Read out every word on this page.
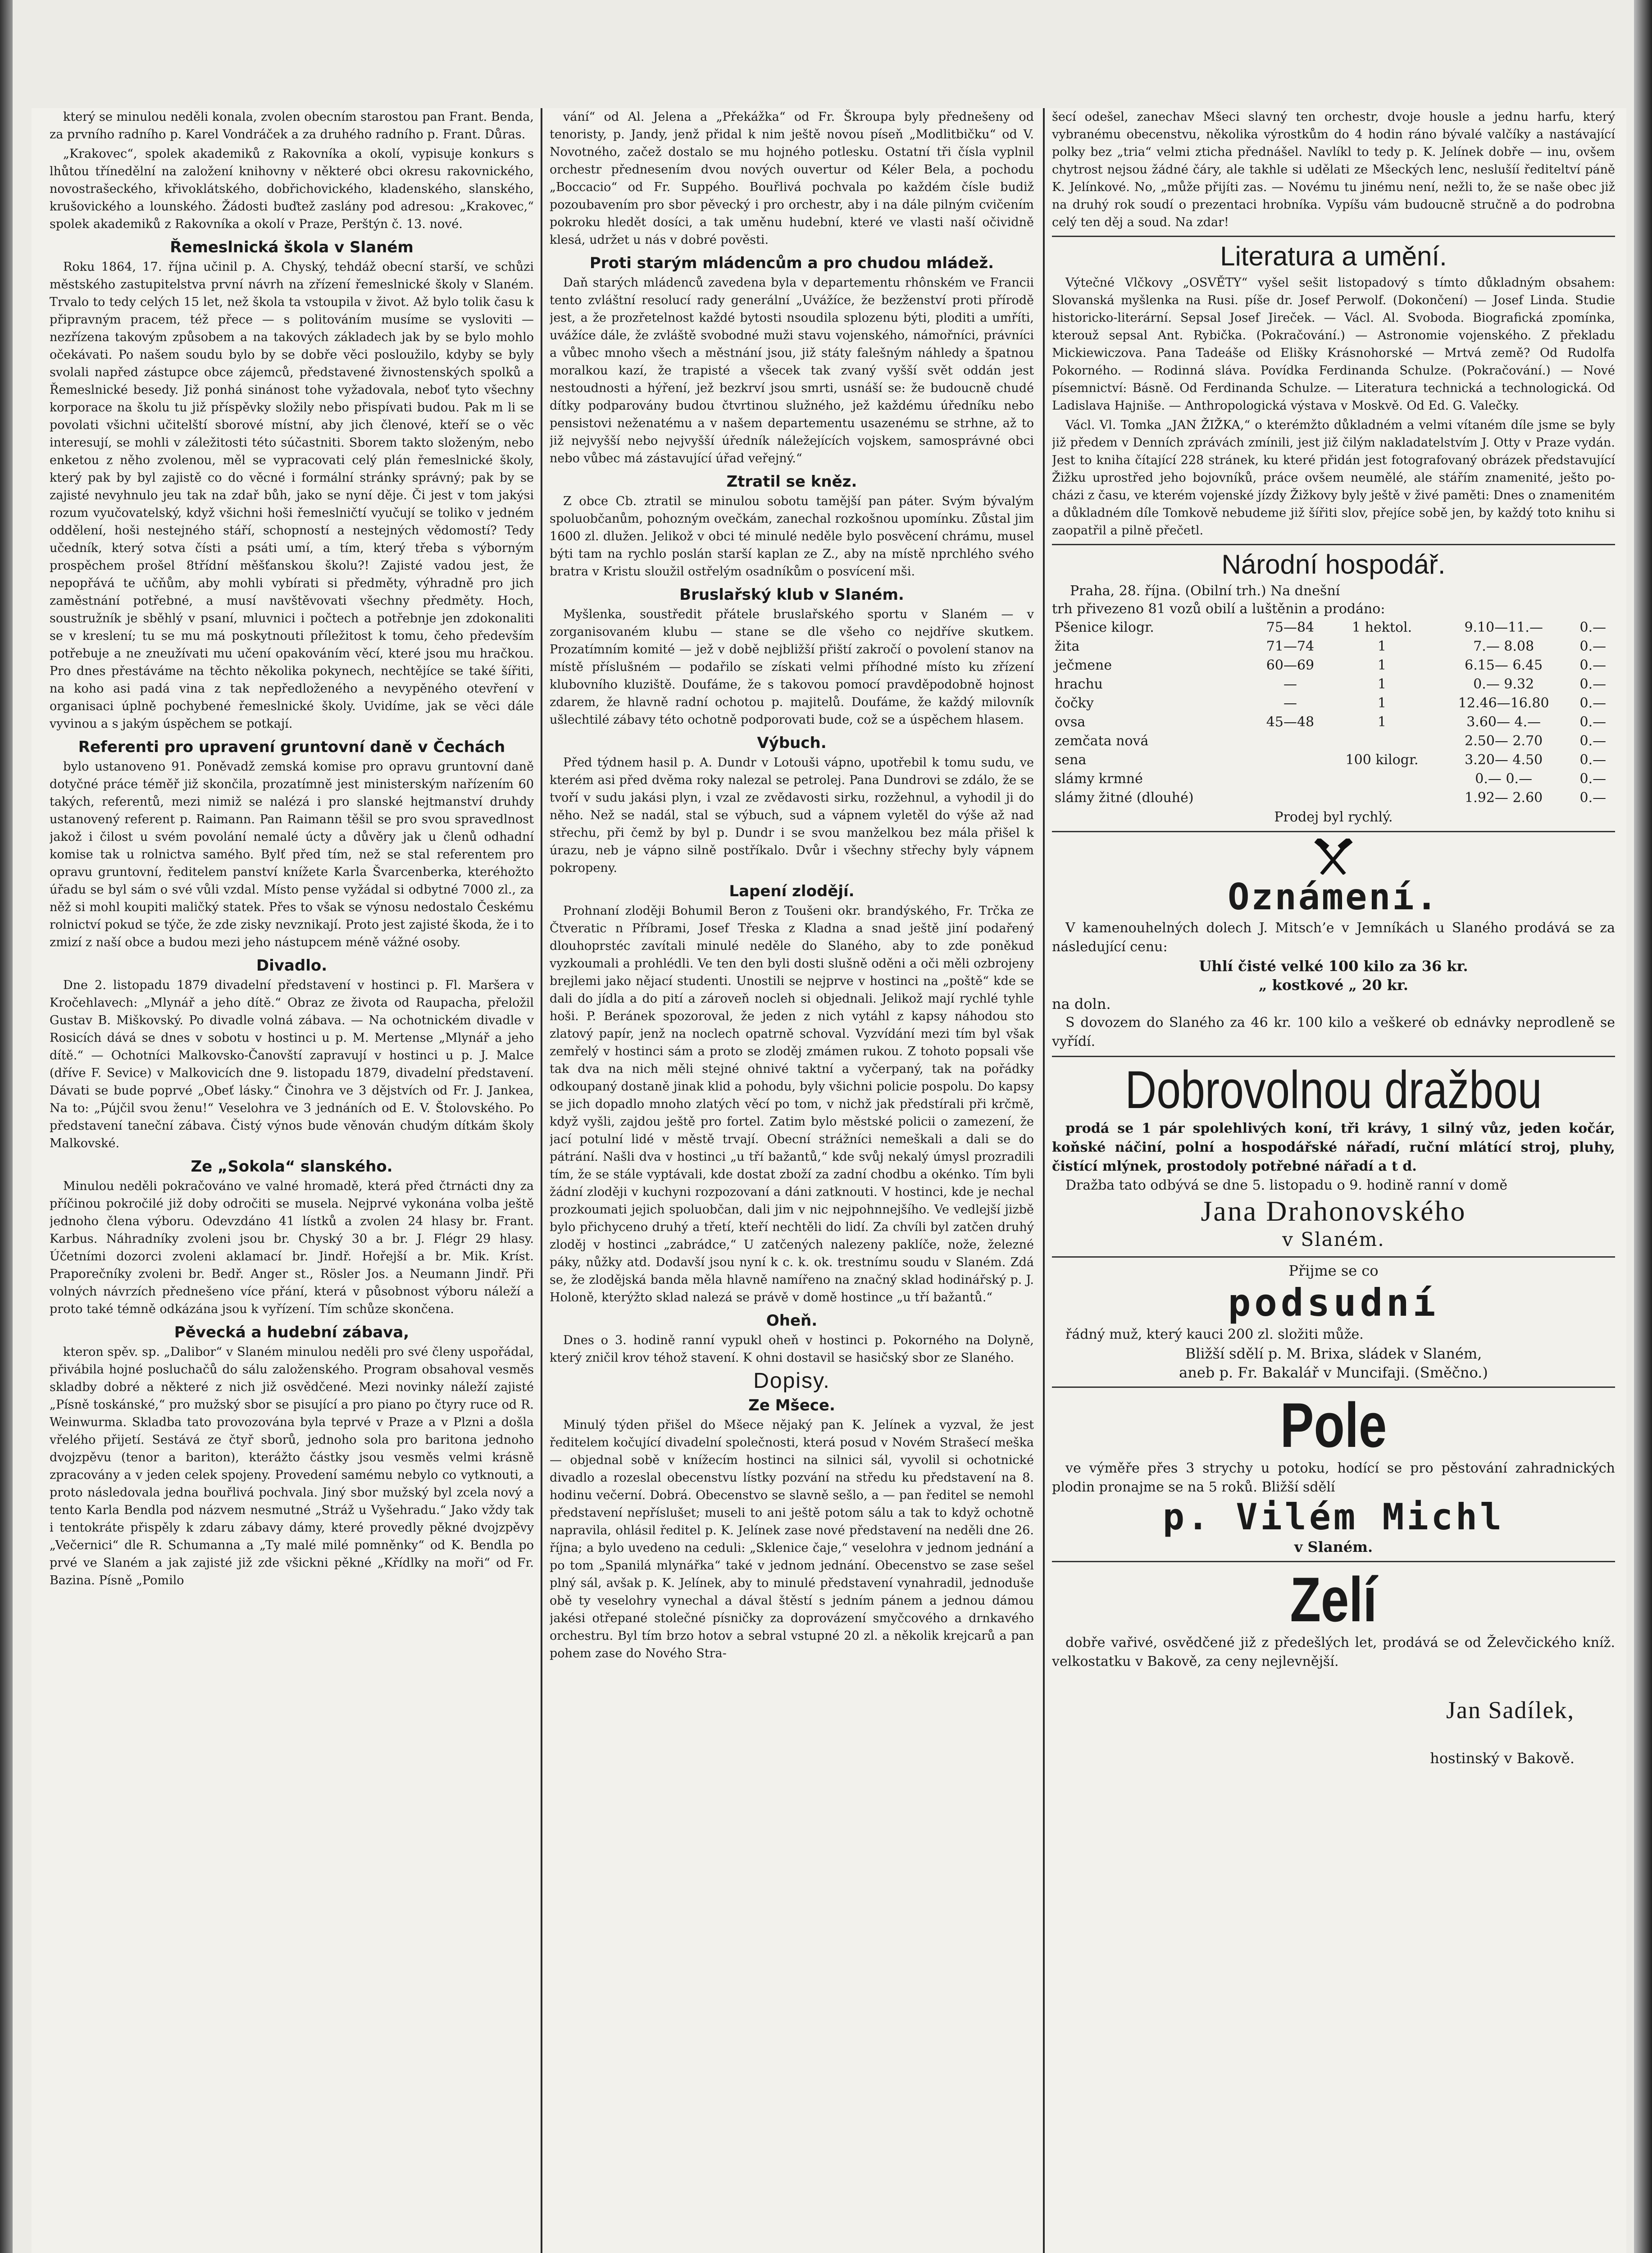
který se minulou neděli konala, zvolen obecním starostou pan Frant. Benda, za prvního radního p. Karel Vondráček a za druhého radního p. Frant. Důras.

„Krakovec“, spolek akademiků z Rakovníka a okolí, vypisuje konkurs s lhůtou třínedělní na založení knihovny v některé obci okresu rakovnického, novostrašeckého, křivoklátského, dobřichovického, kladenského, slanského, krušovického a lounského. Žádosti buďtež zaslány pod adresou: „Krakovec,“ spolek akademiků z Rakovníka a okolí v Praze, Perštýn č. 13. nové.

Řemeslnická škola v Slaném

Roku 1864, 17. října učinil p. A. Chyský, tehdáž obecní starší, ve schůzi městského zastupitelstva první návrh na zřízení řemeslnické školy v Slaném. Trvalo to tedy celých 15 let, než škola ta vstoupila v život. Až bylo tolik času k připravným pracem, též přece — s politováním musíme se vysloviti — nezřízena takovým způsobem a na takových základech jak by se bylo mohlo očekávati. Po našem soudu bylo by se dobře věci posloužilo, kdyby se byly svolali napřed zástupce obce zájemců, představené živnostenských spolků a Řemeslnické besedy. Již ponhá sinánost tohe vyžadovala, neboť tyto všechny korporace na školu tu již příspěvky složily nebo přispívati budou. Pak m li se povolati všichni učitelští sborové místní, aby jich členové, kteří se o věc interesují, se mohli v záležitosti této súčastniti. Sborem takto složeným, nebo enketou z něho zvolenou, měl se vypracovati celý plán řemeslnické školy, který pak by byl zajistě co do věcné i formální stránky správný; pak by se zajisté nevyhnulo jeu tak na zdař bůh, jako se nyní děje. Či jest v tom jakýsi rozum vyučovatelský, když všichni hoši řemeslničtí vyučují se toliko v jedném oddělení, hoši nestejného stáří, schopností a nestejných vědomostí? Tedy učedník, který sotva čísti a psáti umí, a tím, který třeba s výborným prospěchem prošel 8třídní měšťanskou školu?! Zajisté vadou jest, že nepopřává te učňům, aby mohli vybírati si předměty, výhradně pro jich zaměstnání potřebné, a musí navštěvovati všechny předměty. Hoch, soustružník je sběhlý v psaní, mluvnici i počtech a potřebnje jen zdokonaliti se v kreslení; tu se mu má poskytnouti příležitost k tomu, čeho především potřebuje a ne zneužívati mu učení opakováním věcí, které jsou mu hračkou. Pro dnes přestáváme na těchto několika pokynech, nechtějíce se také šířiti, na koho asi padá vina z tak nepředloženého a nevypěného otevření v organisaci úplně pochybené řemeslnické školy. Uvidíme, jak se věci dále vyvinou a s jakým úspěchem se potkají.

Referenti pro upravení gruntovní daně v Čechách

bylo ustanoveno 91. Poněvadž zemská komise pro opravu gruntovní daně dotyčné práce téměř již skončila, prozatímně jest ministerským nařízením 60 takých, referentů, mezi nimiž se nalézá i pro slanské hejtmanství druhdy ustanovený referent p. Raimann. Pan Raimann těšil se pro svou spravedlnost jakož i čilost u svém povolání nemalé úcty a důvěry jak u členů odhadní komise tak u rolnictva samého. Bylť před tím, než se stal referentem pro opravu gruntovní, ředitelem panství knížete Karla Švarcenberka, kteréhožto úřadu se byl sám o své vůli vzdal. Místo pense vyžádal si odbytné 7000 zl., za něž si mohl koupiti maličký statek. Přes to však se výnosu nedostalo Českému rolnictví pokud se týče, že zde zisky nevznikají. Proto jest zajisté škoda, že i to zmizí z naší obce a budou mezi jeho nástupcem méně vážné osoby.

Divadlo.

Dne 2. listopadu 1879 divadelní představení v hostinci p. Fl. Maršera v Kročehlavech: „Mlynář a jeho dítě.“ Obraz ze života od Raupacha, přeložil Gustav B. Miškovský. Po divadle volná zábava. — Na ochotnickém divadle v Rosicích dává se dnes v sobotu v hostinci u p. M. Mertense „Mlynář a jeho dítě.“ — Ochotníci Malkovsko-Čanovští zapravují v hostinci u p. J. Malce (dříve F. Sevice) v Malkovicích dne 9. listopadu 1879, divadelní představení. Dávati se bude poprvé „Obeť lásky.“ Činohra ve 3 dějstvích od Fr. J. Jankea, Na to: „Pújčil svou ženu!“ Veselohra ve 3 jednáních od E. V. Štolovského. Po představení taneční zábava. Čistý výnos bude věnován chudým dítkám školy Malkovské.

Ze „Sokola“ slanského.

Minulou neděli pokračováno ve valné hromadě, která před čtrnácti dny za příčinou pokročilé již doby odročiti se musela. Nejprvé vykonána volba ještě jednoho člena výboru. Odevzdáno 41 lístků a zvolen 24 hlasy br. Frant. Karbus. Náhradníky zvoleni jsou br. Chyský 30 a br. J. Flégr 29 hlasy. Účetními dozorci zvoleni aklamací br. Jindř. Hořejší a br. Mik. Kríst. Praporečníky zvoleni br. Bedř. Anger st., Rösler Jos. a Neumann Jindř. Při volných návrzích přednešeno více přání, která v působnost výboru náleží a proto také témně odkázána jsou k vyřízení. Tím schůze skončena.

Pěvecká a hudební zábava,

kteron spěv. sp. „Dalibor“ v Slaném minulou neděli pro své členy uspořádal, přivábila hojné posluchačů do sálu založenského. Program obsahoval vesměs skladby dobré a některé z nich již osvědčené. Mezi novinky náleží zajisté „Písně toskánské,“ pro mužský sbor se pisující a pro piano po čtyry ruce od R. Weinwurma. Skladba tato provozována byla teprvé v Praze a v Plzni a došla vřelého přijetí. Sestává ze čtyř sborů, jednoho sola pro baritona jednoho dvojzpěvu (tenor a bariton), kterážto částky jsou vesměs velmi krásně zpracovány a v jeden celek spojeny. Provedení samému nebylo co vytknouti, a proto následovala jedna bouřlivá pochvala. Jiný sbor mužský byl zcela nový a tento Karla Bendla pod názvem nesmutné „Stráž u Vyšehradu.“ Jako vždy tak i tentokráte přispěly k zdaru zábavy dámy, které provedly pěkné dvojzpěvy „Večernici“ dle R. Schumanna a „Ty malé milé pomněnky“ od K. Bendla po prvé ve Slaném a jak zajisté již zde všickni pěkné „Křídlky na moři“ od Fr. Bazina. Písně „Pomilo

vání“ od Al. Jelena a „Překážka“ od Fr. Škroupa byly přednešeny od tenoristy, p. Jandy, jenž přidal k nim ještě novou píseň „Modlitbičku“ od V. Novotného, začež dostalo se mu hojného potlesku. Ostatní tři čísla vyplnil orchestr přednesením dvou nových ouvertur od Kéler Bela, a pochodu „Boccacio“ od Fr. Suppého. Bouřlivá pochvala po každém čísle budiž pozoubavením pro sbor pěvecký i pro orchestr, aby i na dále pilným cvičením pokroku hledět dosíci, a tak uměnu hudební, které ve vlasti naší očividně klesá, udržet u nás v dobré pověsti.

Proti starým mládencům a pro chudou mládež.

Daň starých mládenců zavedena byla v departementu rhônském ve Francii tento zvláštní resolucí rady generální „Uvážíce, že bezženství proti přírodě jest, a že prozřetelnost každé bytosti nsoudila splozenu býti, ploditi a umříti, uvážíce dále, že zvláště svobodné muži stavu vojenského, námořníci, právníci a vůbec mnoho všech a městnání jsou, již státy falešným náhledy a špatnou moralkou kazí, že trapisté a všecek tak zvaný vyšší svět oddán jest nestoudnosti a hýření, jež bezkrví jsou smrti, usnáší se: že budoucně chudé dítky podparovány budou čtvrtinou služného, jež každému úředníku nebo pensistovi neženatému a v našem departementu usazenému se strhne, až to již nejvyšší nebo nejvyšší úředník náležejících vojskem, samosprávné obci nebo vůbec má zástavující úřad veřejný.“

Ztratil se kněz.

Z obce Cb. ztratil se minulou sobotu tamější pan páter. Svým bývalým spoluobčanům, pohozným ovečkám, zanechal rozkošnou upomínku. Zůstal jim 1600 zl. dlužen. Jelikož v obci té minulé neděle bylo posvěcení chrámu, musel býti tam na rychlo poslán starší kaplan ze Z., aby na místě nprchlého svého bratra v Kristu sloužil ostřelým osadníkům o posvícení mši.

Bruslařský klub v Slaném.

Myšlenka, soustředit přátele bruslařského sportu v Slaném — v zorganisovaném klubu — stane se dle všeho co nejdříve skutkem. Prozatímním komité — jež v době nejbližší přiští zakročí o povolení stanov na místě příslušném — podařilo se získati velmi příhodné místo ku zřízení klubovního kluziště. Doufáme, že s takovou pomocí pravděpodobně hojnost zdarem, že hlavně radní ochotou p. majitelů. Doufáme, že každý milovník ušlechtilé zábavy této ochotně podporovati bude, což se a úspěchem hlasem.

Výbuch.

Před týdnem hasil p. A. Dundr v Lotouši vápno, upotřebil k tomu sudu, ve kterém asi před dvěma roky nalezal se petrolej. Pana Dundrovi se zdálo, že se tvoří v sudu jakási plyn, i vzal ze zvědavosti sirku, rozžehnul, a vyhodil ji do něho. Než se nadál, stal se výbuch, sud a vápnem vyletěl do výše až nad střechu, při čemž by byl p. Dundr i se svou manželkou bez mála přišel k úrazu, neb je vápno silně postříkalo. Dvůr i všechny střechy byly vápnem pokropeny.

Lapení zlodějí.

Prohnaní zloději Bohumil Beron z Toušeni okr. brandýského, Fr. Trčka ze Čtveratic n Příbrami, Josef Třeska z Kladna a snad ještě jiní podařený dlouhoprstéc zavítali minulé neděle do Slaného, aby to zde poněkud vyzkoumali a prohlédli. Ve ten den byli dosti slušně oděni a oči měli ozbrojeny brejlemi jako nějací studenti. Unostili se nejprve v hostinci na „poště“ kde se dali do jídla a do pití a zároveň nocleh si objednali. Jelikož mají rychlé tyhle hoši. P. Beránek spozoroval, že jeden z nich vytáhl z kapsy náhodou sto zlatový papír, jenž na noclech opatrně schoval. Vyzvídání mezi tím byl však zemřelý v hostinci sám a proto se zloděj zmámen rukou. Z tohoto popsali vše tak dva na nich měli stejné ohnivé taktní a vyčerpaný, tak na pořádky odkoupaný dostaně jinak klid a pohodu, byly všichni policie pospolu. Do kapsy se jich dopadlo mnoho zlatých věcí po tom, v nichž jak předstírali při krčmě, když vyšli, zajdou ještě pro fortel. Zatim bylo městské policii o zamezení, že jací potulní lidé v městě trvají. Obecní strážníci nemeškali a dali se do pátrání. Našli dva v hostinci „u tří bažantů,“ kde svůj nekalý úmysl prozradili tím, že se stále vyptávali, kde dostat zboží za zadní chodbu a okénko. Tím byli žádní zloději v kuchyni rozpozovaní a dáni zatknouti. V hostinci, kde je nechal prozkoumati jejich spoluobčan, dali jim v nic nejpohnnejšího. Ve vedlejší jizbě bylo přichyceno druhý a třetí, kteří nechtěli do lidí. Za chvíli byl zatčen druhý zloděj v hostinci „zabrádce,“ U zatčených nalezeny paklíče, nože, železné páky, nůžky atd. Dodavší jsou nyní k c. k. ok. trestnímu soudu v Slaném. Zdá se, že zlodějská banda měla hlavně namířeno na značný sklad hodinářský p. J. Holoně, kterýžto sklad nalezá se právě v domě hostince „u tří bažantů.“

Oheň.

Dnes o 3. hodině ranní vypukl oheň v hostinci p. Pokorného na Dolyně, který zničil krov téhož stavení. K ohni dostavil se hasičský sbor ze Slaného.

Dopisy.
Ze Mšece.

Minulý týden přišel do Mšece nějaký pan K. Jelínek a vyzval, že jest ředitelem kočující divadelní společnosti, která posud v Novém Strašecí meška — objednal sobě v knížecím hostinci na silnici sál, vyvolil si ochotnické divadlo a rozeslal obecenstvu lístky pozvání na středu ku představení na 8. hodinu večerní. Dobrá. Obecenstvo se slavně sešlo, a — pan ředitel se nemohl představení nepříslušet; museli to ani ještě potom sálu a tak to když ochotně napravila, ohlásil ředitel p. K. Jelínek zase nové představení na neděli dne 26. října; a bylo uvedeno na ceduli: „Sklenice čaje,“ veselohra v jednom jednání a po tom „Spanilá mlynářka“ také v jednom jednání. Obecenstvo se zase sešel plný sál, avšak p. K. Jelínek, aby to minulé představení vynahradil, jednoduše obě ty veselohry vynechal a dával štěstí s jedním pánem a jednou dámou jakési otřepané stolečné písničky za doprovázení smyčcového a drnkavého orchestru. Byl tím brzo hotov a sebral vstupné 20 zl. a několik krejcarů a pan pohem zase do Nového Stra-

šecí odešel, zanechav Mšeci slavný ten orchestr, dvoje housle a jednu harfu, který vybranému obecenstvu, několika výrostkům do 4 hodin ráno bývalé valčíky a nastávající polky bez „tria“ velmi zticha přednášel. Navlíkl to tedy p. K. Jelínek dobře — inu, ovšem chytrost nejsou žádné čáry, ale takhle si udělati ze Mšeckých lenc, neslušíí řediteltví páně K. Jelínkové. No, „může přijíti zas. — Novému tu jinému není, nežli to, že se naše obec již na druhý rok soudí o prezentaci hrobníka. Vypíšu vám budoucně stručně a do podrobna celý ten děj a soud. Na zdar!

Literatura a umění.

Výtečné Vlčkovy „OSVĚTY“ vyšel sešit listopadový s tímto důkladným obsahem: Slovanská myšlenka na Rusi. píše dr. Josef Perwolf. (Dokončení) — Josef Linda. Studie historicko-literární. Sepsal Josef Jireček. — Václ. Al. Svoboda. Biografická zpomínka, kterouž sepsal Ant. Rybička. (Pokračování.) — Astronomie vojenského. Z překladu Mickiewiczova. Pana Tadeáše od Elišky Krásnohorské — Mrtvá země? Od Rudolfa Pokorného. — Rodinná sláva. Povídka Ferdinanda Schulze. (Pokračování.) — Nové písemnictví: Básně. Od Ferdinanda Schulze. — Literatura technická a technologická. Od Ladislava Hajniše. — Anthropologická výstava v Moskvě. Od Ed. G. Valečky.

Václ. Vl. Tomka „JAN ŽIŽKA,“ o kterémžto důkladném a velmi vítaném díle jsme se byly již předem v Denních zprávách zmínili, jest již čilým nakladatelstvím J. Otty v Praze vydán. Jest to kniha čítající 228 stránek, ku které přidán jest fotografovaný obrázek představující Žižku uprostřed jeho bojovníků, práce ovšem neumělé, ale stářím znamenité, ješto po-cházi z času, ve kterém vojenské jízdy Žižkovy byly ještě v živé paměti: Dnes o znamenitém a důkladném díle Tomkově nebudeme již šířiti slov, přejíce sobě jen, by každý toto knihu si zaopatřil a pilně přečetl.

Národní hospodář.

Praha, 28. října. (Obilní trh.) Na dnešní

trh přivezeno 81 vozů obilí a luštěnin a prodáno:

Pšenice kilogr.	75—84	1 hektol.	9.10—11.—	0.—
žita	71—74	1	7.— 8.08	0.—
ječmene	60—69	1	6.15— 6.45	0.—
hrachu	—	1	0.— 9.32	0.—
čočky	—	1	12.46—16.80	0.—
ovsa	45—48	1	3.60— 4.—	0.—
zemčata nová			2.50— 2.70	0.—
sena		100 kilogr.	3.20— 4.50	0.—
slámy krmné			0.— 0.—	0.—
slámy žitné (dlouhé)			1.92— 2.60	0.—

Prodej byl rychlý.

Oznámení.

V kamenouhelných dolech J. Mitsch’e v Jemníkách u Slaného prodává se za následující cenu:

Uhlí čisté velké 100 kilo za 36 kr.

„ kostkové „ 20 kr.

na doln.

S dovozem do Slaného za 46 kr. 100 kilo a veškeré ob ednávky neprodleně se vyřídí.

Dobrovolnou dražbou

prodá se 1 pár spolehlivých koní, tři krávy, 1 silný vůz, jeden kočár, koňské náčiní, polní a hospodářské nářadí, ruční mlátící stroj, pluhy, čistící mlýnek, prostodoly potřebné nářadí a t d.

Dražba tato odbývá se dne 5. listopadu o 9. hodině ranní v domě

Jana Drahonovského

v Slaném.

Přijme se co

podsudní

řádný muž, který kauci 200 zl. složiti může.

Bližší sdělí p. M. Brixa, sládek v Slaném,

aneb p. Fr. Bakalář v Muncifaji. (Směčno.)

Pole

ve výměře přes 3 strychy u potoku, hodící se pro pěstování zahradnických plodin pronajme se na 5 roků. Bližší sdělí

p. Vilém Michl

v Slaném.

Zelí

dobře vařivé, osvědčené již z předešlých let, prodává se od Želevčického kníž. velkostatku v Bakově, za ceny nejlevnější.

Jan Sadílek,

hostinský v Bakově.
